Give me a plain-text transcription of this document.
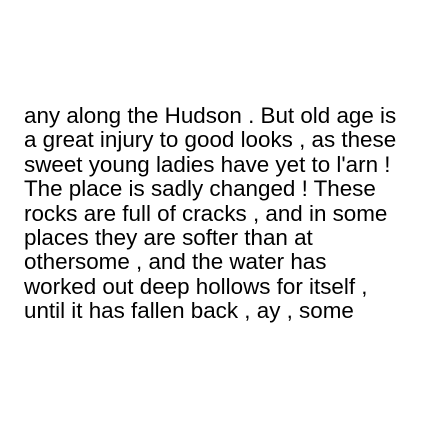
any along the Hudson . But old age is
a great injury to good looks , as these
sweet young ladies have yet to l'arn !
The place is sadly changed ! These
rocks are full of cracks , and in some
places they are softer than at
othersome , and the water has
worked out deep hollows for itself ,
until it has fallen back , ay , some
